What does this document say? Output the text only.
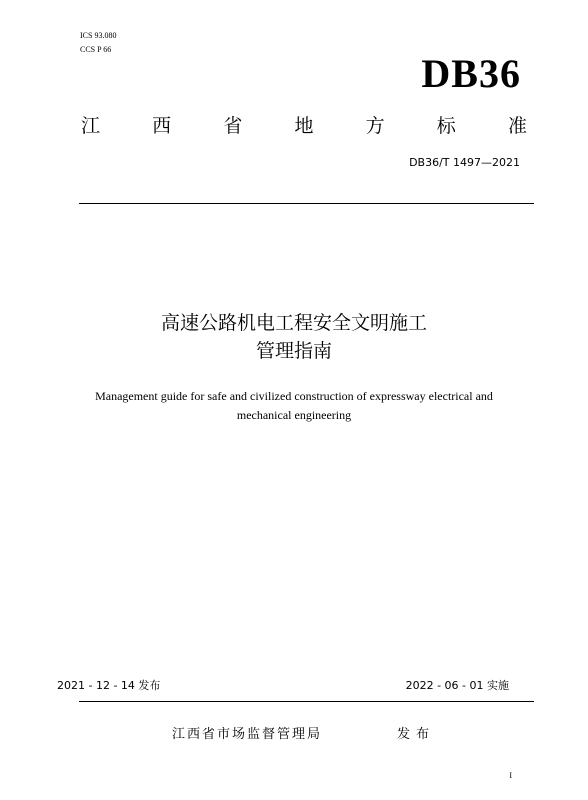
ICS 93.080
CCS P 66
DB36
江	西	省	地	方	标	准
DB36/T 1497—2021
高速公路机电工程安全文明施工
管理指南
Management guide for safe and civilized construction of expressway electrical and
mechanical engineering
2021 - 12 - 14 发布	2022 - 06 - 01 实施
江西省市场监督管理局	发布
I
